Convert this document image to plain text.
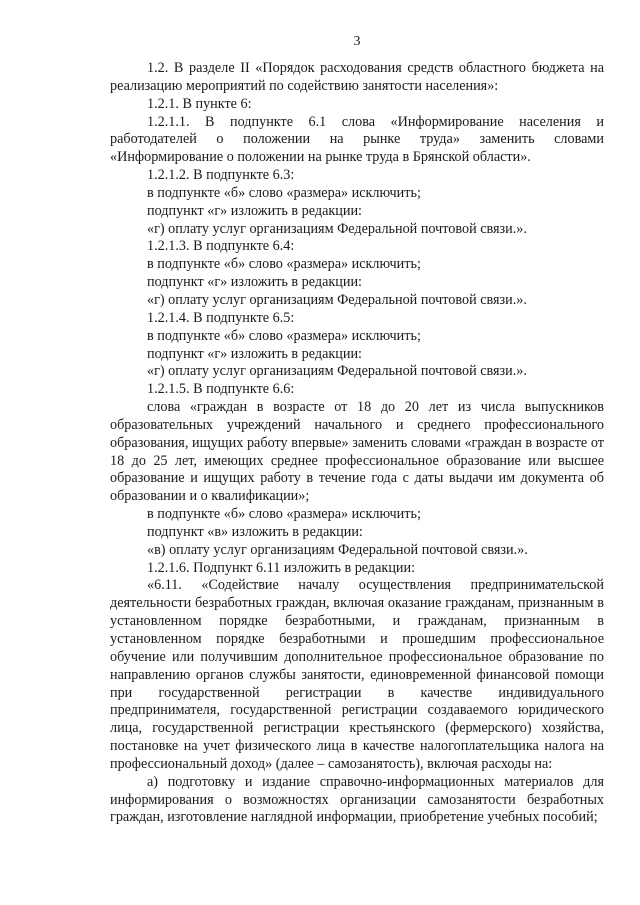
3

1.2. В разделе II «Порядок расходования средств областного бюджета на реализацию мероприятий по содействию занятости населения»:

1.2.1. В пункте 6:

1.2.1.1. В подпункте 6.1 слова «Информирование населения и работодателей о положении на рынке труда» заменить словами «Информирование о положении на рынке труда в Брянской области».

1.2.1.2. В подпункте 6.3:

в подпункте «б» слово «размера» исключить;

подпункт «г» изложить в редакции:

«г) оплату услуг организациям Федеральной почтовой связи.».

1.2.1.3. В подпункте 6.4:

в подпункте «б» слово «размера» исключить;

подпункт «г» изложить в редакции:

«г) оплату услуг организациям Федеральной почтовой связи.».

1.2.1.4. В подпункте 6.5:

в подпункте «б» слово «размера» исключить;

подпункт «г» изложить в редакции:

«г) оплату услуг организациям Федеральной почтовой связи.».

1.2.1.5. В подпункте 6.6:

слова «граждан в возрасте от 18 до 20 лет из числа выпускников образовательных учреждений начального и среднего профессионального образования, ищущих работу впервые» заменить словами «граждан в возрасте от 18 до 25 лет, имеющих среднее профессиональное образование или высшее образование и ищущих работу в течение года с даты выдачи им документа об образовании и о квалификации»;

в подпункте «б» слово «размера» исключить;

подпункт «в» изложить в редакции:

«в) оплату услуг организациям Федеральной почтовой связи.».

1.2.1.6. Подпункт 6.11 изложить в редакции:

«6.11. «Содействие началу осуществления предпринимательской деятельности безработных граждан, включая оказание гражданам, признанным в установленном порядке безработными, и гражданам, признанным в установленном порядке безработными и прошедшим профессиональное обучение или получившим дополнительное профессиональное образование по направлению органов службы занятости, единовременной финансовой помощи при государственной регистрации в качестве индивидуального предпринимателя, государственной регистрации создаваемого юридического лица, государственной регистрации крестьянского (фермерского) хозяйства, постановке на учет физического лица в качестве налогоплательщика налога на профессиональный доход» (далее – самозанятость), включая расходы на:

а) подготовку и издание справочно-информационных материалов для информирования о возможностях организации самозанятости безработных граждан, изготовление наглядной информации, приобретение учебных пособий;
